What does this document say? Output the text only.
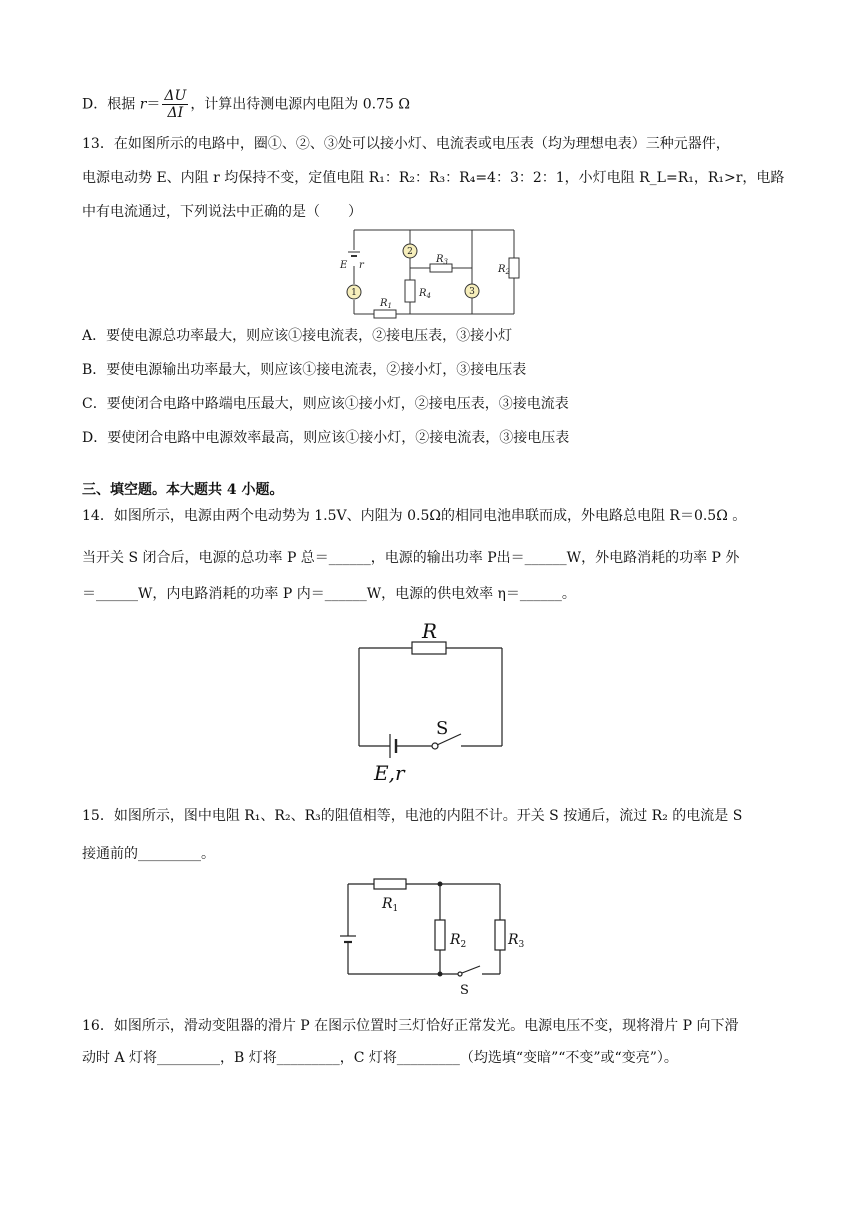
D．根据 $r= \frac{\Delta U}{\Delta I}$ ，计算出待测电源内电阻为 0.75 Ω
13．在如图所示的电路中，圈①、②、③处可以接小灯、电流表或电压表（均为理想电表）三种元器件，
电源电动势 E、内阻 r 均保持不变，定值电阻 R₁：R₂：R₃：R₄=4：3：2：1，小灯电阻 R_L=R₁，R₁>r，电路
中有电流通过，下列说法中正确的是（　　）
1
2
3
E r
$R_1$
$R_2$
$R_3$
$R_4$
A．要使电源总功率最大，则应该①接电流表，②接电压表，③接小灯
B．要使电源输出功率最大，则应该①接电流表，②接小灯，③接电压表
C．要使闭合电路中路端电压最大，则应该①接小灯，②接电压表，③接电流表
D．要使闭合电路中电源效率最高，则应该①接小灯，②接电流表，③接电压表
三、填空题。本大题共 4 小题。
14．如图所示，电源由两个电动势为 1.5V、内阻为 0.5Ω的相同电池串联而成，外电路总电阻 R＝0.5Ω 。
当开关 S 闭合后，电源的总功率 P 总＝______，电源的输出功率 P出＝______W，外电路消耗的功率 P 外
＝______W，内电路消耗的功率 P 内＝______W，电源的供电效率 η＝______。
R
S
E,r
15．如图所示，图中电阻 R₁、R₂、R₃的阻值相等，电池的内阻不计。开关 S 按通后，流过 R₂ 的电流是 S
接通前的_________。
$R_1$
$R_2$	$R_3$
S
16．如图所示，滑动变阻器的滑片 P 在图示位置时三灯恰好正常发光。电源电压不变，现将滑片 P 向下滑
动时 A 灯将_________，B 灯将_________，C 灯将_________（均选填“变暗”“不变”或“变亮”）。
